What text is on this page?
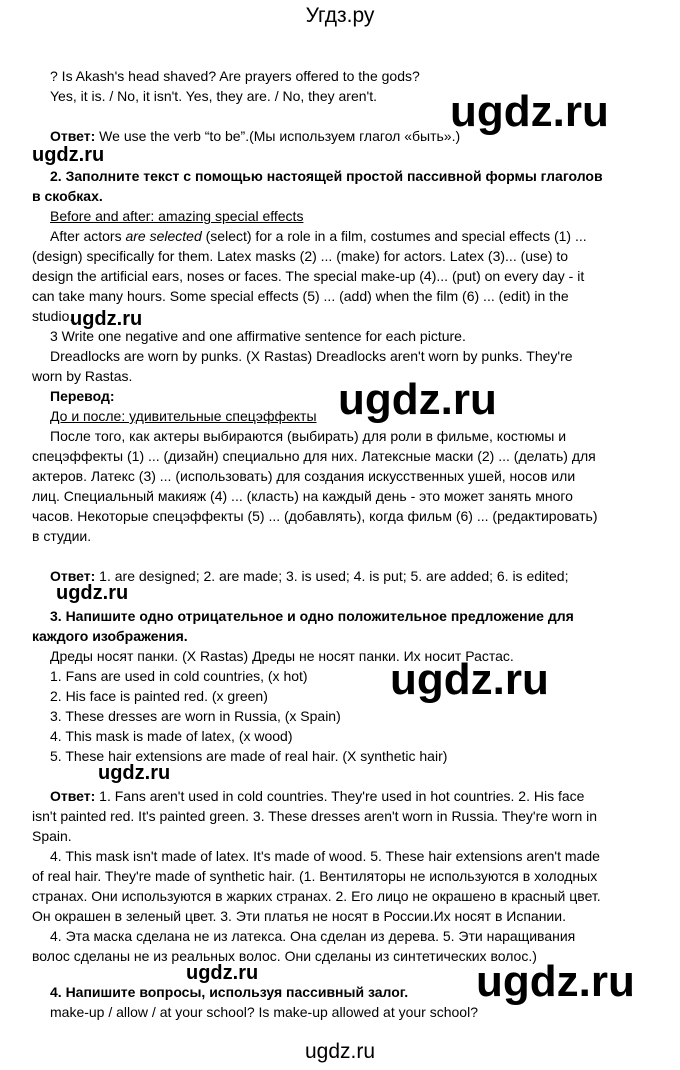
Угдз.ру
? Is Akash's head shaved? Are prayers offered to the gods?
Yes, it is. / No, it isn't. Yes, they are. / No, they aren't. ugdz.ru
Ответ: We use the verb “to be”.(Мы используем глагол «быть».)
ugdz.ru
2. Заполните текст с помощью настоящей простой пассивной формы глаголов
в скобках.
Before and after: amazing special effects
After actors are selected (select) for a role in a film, costumes and special effects (1) ...
(design) specifically for them. Latex masks (2) ... (make) for actors. Latex (3)... (use) to
design the artificial ears, noses or faces. The special make-up (4)... (put) on every day - it
can take many hours. Some special effects (5) ... (add) when the film (6) ... (edit) in the
studio.
ugdz.ru
3 Write one negative and one affirmative sentence for each picture.
Dreadlocks are worn by punks. (X Rastas) Dreadlocks aren't worn by punks. They're
worn by Rastas.
Перевод:	ugdz.ru
До и после: удивительные спецэффекты
После того, как актеры выбираются (выбирать) для роли в фильме, костюмы и
спецэффекты (1) ... (дизайн) специально для них. Латексные маски (2) ... (делать) для
актеров. Латекс (3) ... (использовать) для создания искусственных ушей, носов или
лиц. Специальный макияж (4) ... (класть) на каждый день - это может занять много
часов. Некоторые спецэффекты (5) ... (добавлять), когда фильм (6) ... (редактировать)
в студии.
Ответ: 1. are designed; 2. are made; 3. is used; 4. is put; 5. are added; 6. is edited;
ugdz.ru
3. Напишите одно отрицательное и одно положительное предложение для
каждого изображения.
Дреды носят панки. (X Rastas) Дреды не носят панки. Их носит Растас.
1. Fans are used in cold countries, (x hot) ugdz.ru
2. His face is painted red. (x green)
3. These dresses are worn in Russia, (x Spain)
4. This mask is made of latex, (x wood)
5. These hair extensions are made of real hair. (X synthetic hair)
ugdz.ru
Ответ: 1. Fans aren't used in cold countries. They're used in hot countries. 2. His face
isn't painted red. It's painted green. 3. These dresses aren't worn in Russia. They're worn in
Spain.
4. This mask isn't made of latex. It's made of wood. 5. These hair extensions aren't made
of real hair. They're made of synthetic hair. (1. Вентиляторы не используются в холодных
странах. Они используются в жарких странах. 2. Его лицо не окрашено в красный цвет.
Он окрашен в зеленый цвет. 3. Эти платья не носят в России.Их носят в Испании.
4. Эта маска сделана не из латекса. Она сделан из дерева. 5. Эти наращивания
волос сделаны не из реальных волос. Они сделаны из синтетических волос.)
ugdz.ru
4. Напишите вопросы, используя пассивный залог. ugdz.ru
make-up / allow / at your school? Is make-up allowed at your school?
ugdz.ru
